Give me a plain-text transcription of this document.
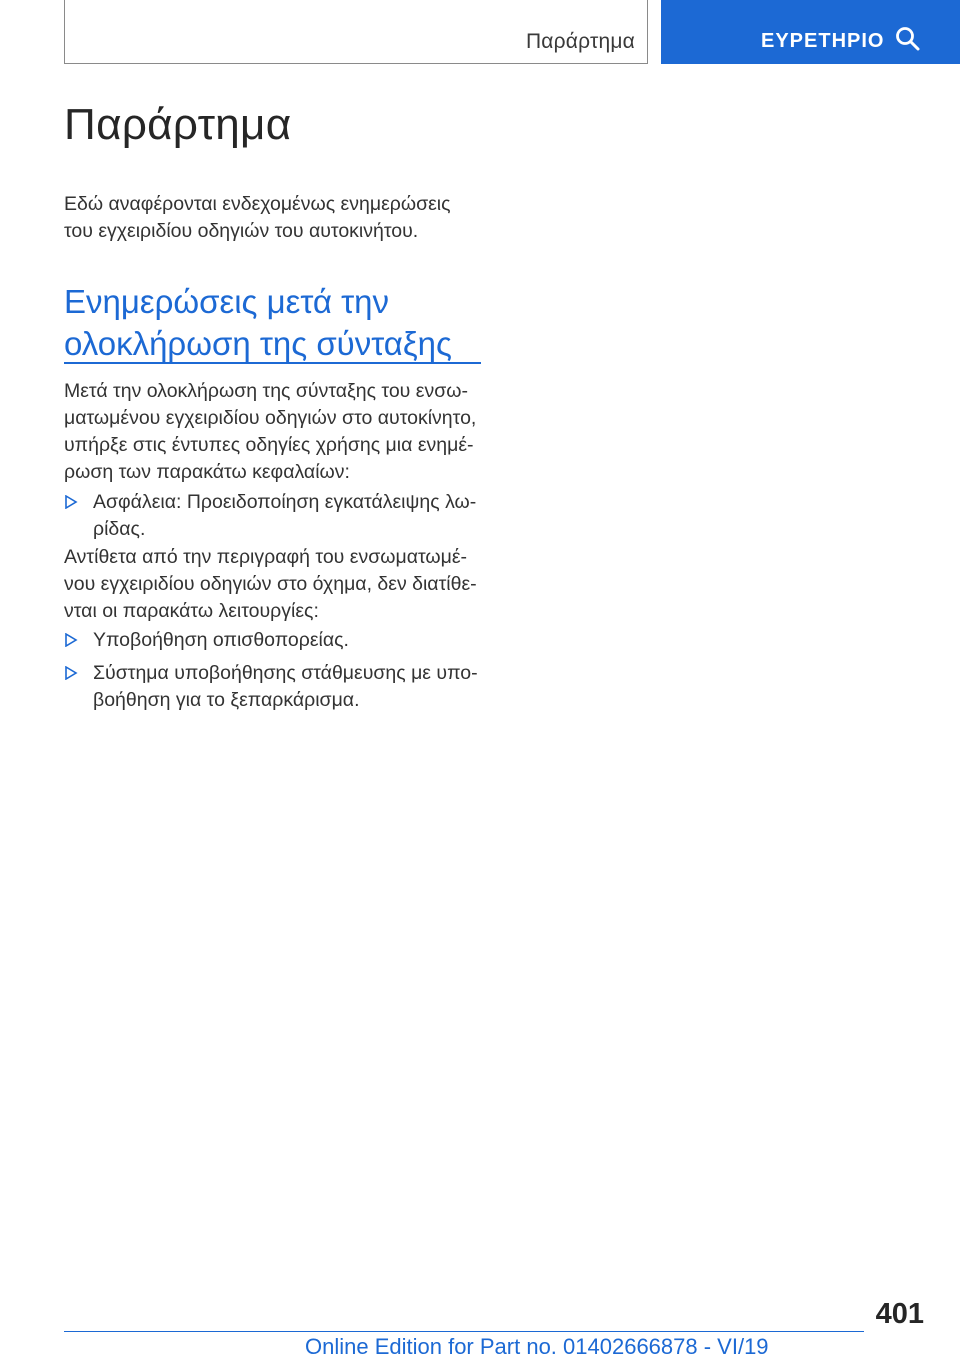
Παράρτημα	ΕΥΡΕΤΗΡΙΟ
Παράρτημα

Εδώ αναφέρονται ενδεχομένως ενημερώσεις του εγχειριδίου οδηγιών του αυτοκινήτου.

Ενημερώσεις μετά την ολοκλήρωση της σύνταξης

Μετά την ολοκλήρωση της σύνταξης του ενσωματωμένου εγχειριδίου οδηγιών στο αυτοκίνητο, υπήρξε στις έντυπες οδηγίες χρήσης μια ενημέρωση των παρακάτω κεφαλαίων:

Ασφάλεια: Προειδοποίηση εγκατάλειψης λωρίδας.

Αντίθετα από την περιγραφή του ενσωματωμένου εγχειριδίου οδηγιών στο όχημα, δεν διατίθενται οι παρακάτω λειτουργίες:

Υποβοήθηση οπισθοπορείας.
Σύστημα υποβοήθησης στάθμευσης με υποβοήθηση για το ξεπαρκάρισμα.
401
Online Edition for Part no. 01402666878 - VI/19
